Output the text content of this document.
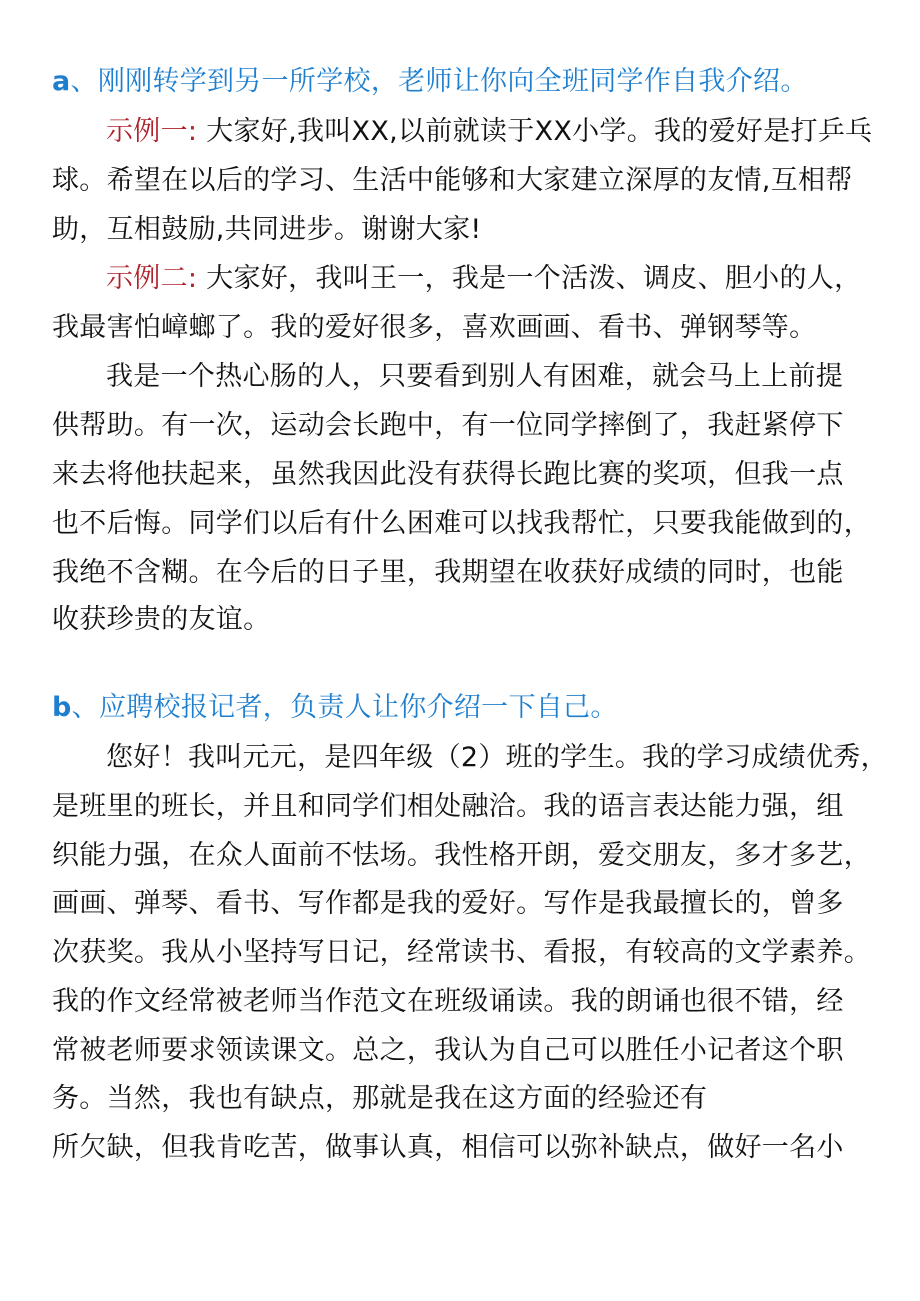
a、刚刚转学到另一所学校，老师让你向全班同学作自我介绍。
示例一: 大家好,我叫XX,以前就读于XX小学。我的爱好是打乒乓
球。希望在以后的学习、生活中能够和大家建立深厚的友情,互相帮
助，互相鼓励,共同进步。谢谢大家!
示例二: 大家好，我叫王一，我是一个活泼、调皮、胆小的人，
我最害怕嶂螂了。我的爱好很多，喜欢画画、看书、弹钢琴等。
我是一个热心肠的人，只要看到别人有困难，就会马上上前提
供帮助。有一次，运动会长跑中，有一位同学摔倒了，我赶紧停下
来去将他扶起来，虽然我因此没有获得长跑比赛的奖项，但我一点
也不后悔。同学们以后有什么困难可以找我帮忙，只要我能做到的，
我绝不含糊。在今后的日子里，我期望在收获好成绩的同时，也能
收获珍贵的友谊。
b、应聘校报记者，负责人让你介绍一下自己。
您好！我叫元元，是四年级（2）班的学生。我的学习成绩优秀，
是班里的班长，并且和同学们相处融洽。我的语言表达能力强，组
织能力强，在众人面前不怯场。我性格开朗，爱交朋友，多才多艺，
画画、弹琴、看书、写作都是我的爱好。写作是我最擅长的，曾多
次获奖。我从小坚持写日记，经常读书、看报，有较高的文学素养。
我的作文经常被老师当作范文在班级诵读。我的朗诵也很不错，经
常被老师要求领读课文。总之，我认为自己可以胜任小记者这个职
务。当然，我也有缺点，那就是我在这方面的经验还有
所欠缺，但我肯吃苦，做事认真，相信可以弥补缺点，做好一名小
